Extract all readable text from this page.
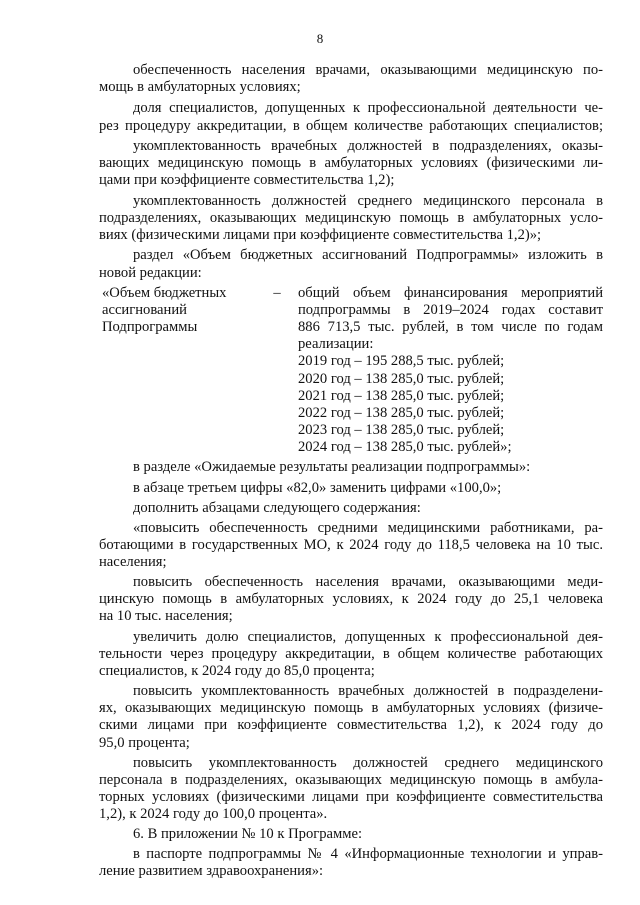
8
обеспеченность населения врачами, оказывающими медицинскую по-
мощь в амбулаторных условиях;
доля специалистов, допущенных к профессиональной деятельности че-
рез процедуру аккредитации, в общем количестве работающих специалистов;
укомплектованность врачебных должностей в подразделениях, оказы-
вающих медицинскую помощь в амбулаторных условиях (физическими ли-
цами при коэффициенте совместительства 1,2);
укомплектованность должностей среднего медицинского персонала в
подразделениях, оказывающих медицинскую помощь в амбулаторных усло-
виях (физическими лицами при коэффициенте совместительства 1,2)»;
раздел «Объем бюджетных ассигнований Подпрограммы» изложить в
новой редакции:
«Объем бюджетных
ассигнований
Подпрограммы
– общий объем финансирования мероприятий
подпрограммы в 2019–2024 годах составит
886 713,5 тыс. рублей, в том числе по годам
реализации:
2019 год – 195 288,5 тыс. рублей;
2020 год – 138 285,0 тыс. рублей;
2021 год – 138 285,0 тыс. рублей;
2022 год – 138 285,0 тыс. рублей;
2023 год – 138 285,0 тыс. рублей;
2024 год – 138 285,0 тыс. рублей»;
в разделе «Ожидаемые результаты реализации подпрограммы»:
в абзаце третьем цифры «82,0» заменить цифрами «100,0»;
дополнить абзацами следующего содержания:
«повысить обеспеченность средними медицинскими работниками, ра-
ботающими в государственных МО, к 2024 году до 118,5 человека на 10 тыс.
населения;
повысить обеспеченность населения врачами, оказывающими меди-
цинскую помощь в амбулаторных условиях, к 2024 году до 25,1 человека
на 10 тыс. населения;
увеличить долю специалистов, допущенных к профессиональной дея-
тельности через процедуру аккредитации, в общем количестве работающих
специалистов, к 2024 году до 85,0 процента;
повысить укомплектованность врачебных должностей в подразделени-
ях, оказывающих медицинскую помощь в амбулаторных условиях (физиче-
скими лицами при коэффициенте совместительства 1,2), к 2024 году до
95,0 процента;
повысить укомплектованность должностей среднего медицинского
персонала в подразделениях, оказывающих медицинскую помощь в амбула-
торных условиях (физическими лицами при коэффициенте совместительства
1,2), к 2024 году до 100,0 процента».
6. В приложении № 10 к Программе:
в паспорте подпрограммы № 4 «Информационные технологии и управ-
ление развитием здравоохранения»:
